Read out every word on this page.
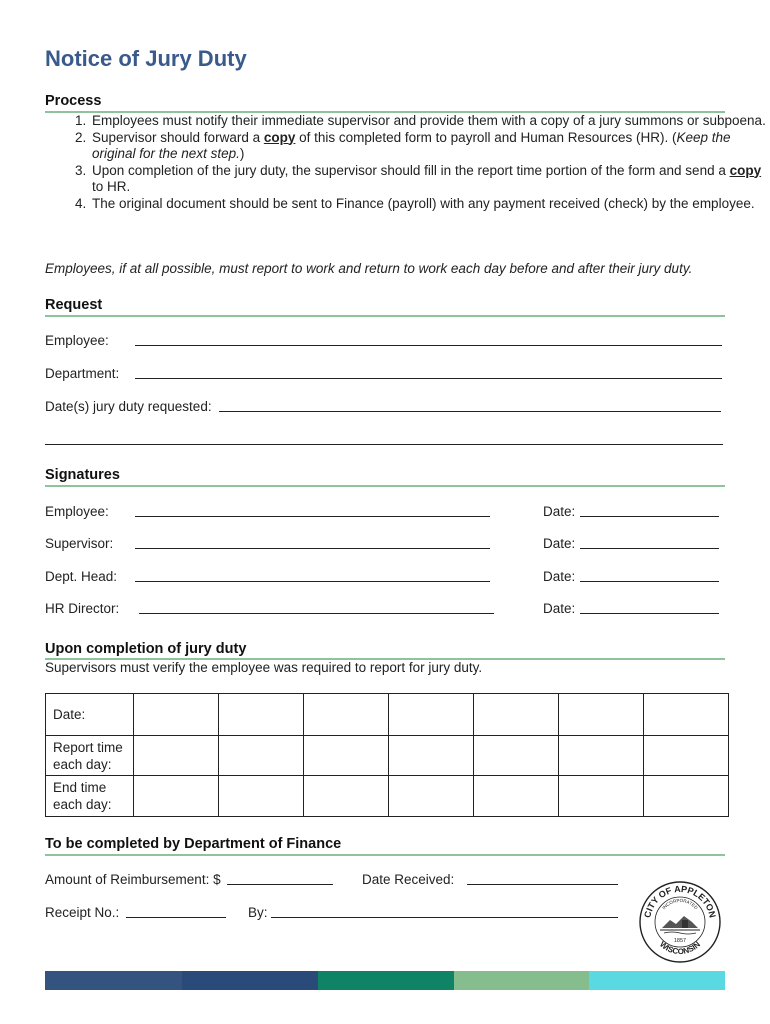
Notice of Jury Duty
Process
1. Employees must notify their immediate supervisor and provide them with a copy of a jury summons or subpoena.
2. Supervisor should forward a copy of this completed form to payroll and Human Resources (HR). (Keep the original for the next step.)
3. Upon completion of the jury duty, the supervisor should fill in the report time portion of the form and send a copy to HR.
4. The original document should be sent to Finance (payroll) with any payment received (check) by the employee.
Employees, if at all possible, must report to work and return to work each day before and after their jury duty.
Request
Employee:
Department:
Date(s) jury duty requested:
Signatures
Employee:	Date:
Supervisor:	Date:
Dept. Head:	Date:
HR Director:	Date:
Upon completion of jury duty
Supervisors must verify the employee was required to report for jury duty.
Date:							
Report time each day:							
End time each day:							
To be completed by Department of Finance
Amount of Reimbursement: $	Date Received:
Receipt No.:	By:	CITY OF APPLETON
INCORPORATED
1857
WISCONSIN
